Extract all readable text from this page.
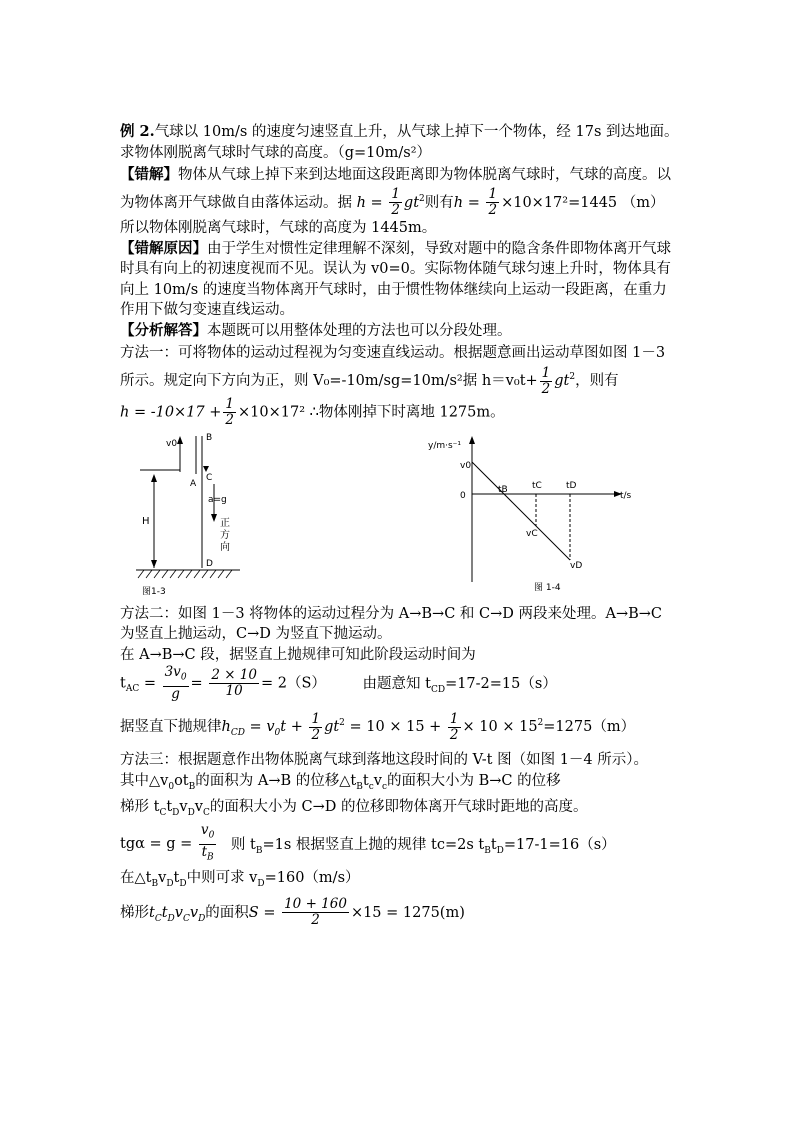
例 2.气球以 10m/s 的速度匀速竖直上升，从气球上掉下一个物体，经 17s 到达地面。求物体刚脱离气球时气球的高度。（g=10m/s²）

【错解】物体从气球上掉下来到达地面这段距离即为物体脱离气球时，气球的高度。以为物体离开气球做自由落体运动。据 $h = \frac{1}{2} gt^2$则有$h = \frac{1}{2} \times 10\times 17^2=1445$ （m）

所以物体刚脱离气球时，气球的高度为 1445m。

【错解原因】由于学生对惯性定律理解不深刻，导致对题中的隐含条件即物体离开气球时具有向上的初速度视而不见。误认为 v0=0。实际物体随气球匀速上升时，物体具有向上 10m/s 的速度当物体离开气球时，由于惯性物体继续向上运动一段距离，在重力作用下做匀变速直线运动。

【分析解答】本题既可以用整体处理的方法也可以分段处理。

方法一：可将物体的运动过程视为匀变速直线运动。根据题意画出运动草图如图 1－3 所示。规定向下方向为正，则 V₀=-10m/sg=10m/s²据 $h=v_0t+ \frac{1}{2} gt^2$，则有

$h = -10\times 17 + \frac{1}{2} \times 10\times 17^2$ ∴物体刚掉下时离地 1275m。

v0
B
A
C
a=g
H	正
方
向
D
图1-3
y/m·s⁻¹
t/s
v0
0
tB	tC	tD
vC
vD
图 1-4

方法二：如图 1－3 将物体的运动过程分为 A→B→C 和 C→D 两段来处理。A→B→C 为竖直上抛运动，C→D 为竖直下抛运动。

在 A→B→C 段，据竖直上抛规律可知此阶段运动时间为

$t_{AC} = \frac{3v_0}{g} = \frac{2 \times 10}{10} = 2(S)$	由题意知 $t_{CD}=17-2=15(s)$

据竖直下抛规律$h_{CD} = v_0t + \frac{1}{2} gt^2 = 10 \times 15 + \frac{1}{2} \times 10 \times 15^2=1275(m)$

方法三：根据题意作出物体脱离气球到落地这段时间的 V-t 图（如图 1－4 所示）。

其中$\triangle v_0ot_B$的面积为 A→B 的位移$\triangle t_Bt_cv_c$的面积大小为 B→C 的位移

梯形 $t_Ct_Dv_Dv_C$的面积大小为 C→D 的位移即物体离开气球时距地的高度。

$tg\alpha = g = \frac{v_0}{t_B}$ 则 $t_B=1s$ 根据竖直上抛的规律 tc=2s $t_Bt_D=17-1=16(s)$

在$\triangle t_Bv_Dt_D$中则可求 $v_D=160(m/s)$

梯形$t_Ct_Dv_Cv_D$的面积$S = \frac{10 + 160}{2} \times 15 = 1275(m)$
